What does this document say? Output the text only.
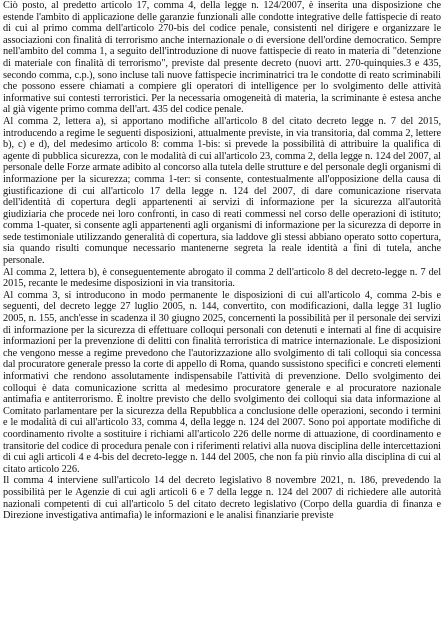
Ciò posto, al predetto articolo 17, comma 4, della legge n. 124/2007, è inserita una disposizione che estende l'ambito di applicazione delle garanzie funzionali alle condotte integrative delle fattispecie di reato di cui al primo comma dell'articolo 270-bis del codice penale, consistenti nel dirigere e organizzare le associazioni con finalità di terrorismo anche internazionale o di eversione dell'ordine democratico. Sempre nell'ambito del comma 1, a seguito dell'introduzione di nuove fattispecie di reato in materia di "detenzione di materiale con finalità di terrorismo", previste dal presente decreto (nuovi artt. 270-quinquies.3 e 435, secondo comma, c.p.), sono incluse tali nuove fattispecie incriminatrici tra le condotte di reato scriminabili che possono essere chiamati a compiere gli operatori di intelligence per lo svolgimento delle attività informative sui contesti terroristici. Per la necessaria omogeneità di materia, la scriminante è estesa anche al già vigente primo comma dell'art. 435 del codice penale.

Al comma 2, lettera a), si apportano modifiche all'articolo 8 del citato decreto legge n. 7 del 2015, introducendo a regime le seguenti disposizioni, attualmente previste, in via transitoria, dal comma 2, lettere b), c) e d), del medesimo articolo 8: comma 1-bis: si prevede la possibilità di attribuire la qualifica di agente di pubblica sicurezza, con le modalità di cui all'articolo 23, comma 2, della legge n. 124 del 2007, al personale delle Forze armate adibito al concorso alla tutela delle strutture e del personale degli organismi di informazione per la sicurezza; comma 1-ter: si consente, contestualmente all'opposizione della causa di giustificazione di cui all'articolo 17 della legge n. 124 del 2007, di dare comunicazione riservata dell'identità di copertura degli appartenenti ai servizi di informazione per la sicurezza all'autorità giudiziaria che procede nei loro confronti, in caso di reati commessi nel corso delle operazioni di istituto; comma 1-quater, si consente agli appartenenti agli organismi di informazione per la sicurezza di deporre in sede testimoniale utilizzando generalità di copertura, sia laddove gli stessi abbiano operato sotto copertura, sia quando risulti comunque necessario mantenerne segreta la reale identità a fini di tutela, anche personale.

Al comma 2, lettera b), è conseguentemente abrogato il comma 2 dell'articolo 8 del decreto-legge n. 7 del 2015, recante le medesime disposizioni in via transitoria.

Al comma 3, si introducono in modo permanente le disposizioni di cui all'articolo 4, comma 2-bis e seguenti, del decreto legge 27 luglio 2005, n. 144, convertito, con modificazioni, dalla legge 31 luglio 2005, n. 155, anch'esse in scadenza il 30 giugno 2025, concernenti la possibilità per il personale dei servizi di informazione per la sicurezza di effettuare colloqui personali con detenuti e internati al fine di acquisire informazioni per la prevenzione di delitti con finalità terroristica di matrice internazionale. Le disposizioni che vengono messe a regime prevedono che l'autorizzazione allo svolgimento di tali colloqui sia concessa dal procuratore generale presso la corte di appello di Roma, quando sussistono specifici e concreti elementi informativi che rendono assolutamente indispensabile l'attività di prevenzione. Dello svolgimento dei colloqui è data comunicazione scritta al medesimo procuratore generale e al procuratore nazionale antimafia e antiterrorismo. È inoltre previsto che dello svolgimento dei colloqui sia data informazione al Comitato parlamentare per la sicurezza della Repubblica a conclusione delle operazioni, secondo i termini e le modalità di cui all'articolo 33, comma 4, della legge n. 124 del 2007. Sono poi apportate modifiche di coordinamento rivolte a sostituire i richiami all'articolo 226 delle norme di attuazione, di coordinamento e transitorie del codice di procedura penale con i riferimenti relativi alla nuova disciplina delle intercettazioni di cui agli articoli 4 e 4-bis del decreto-legge n. 144 del 2005, che non fa più rinvio alla disciplina di cui al citato articolo 226.

Il comma 4 interviene sull'articolo 14 del decreto legislativo 8 novembre 2021, n. 186, prevedendo la possibilità per le Agenzie di cui agli articoli 6 e 7 della legge n. 124 del 2007 di richiedere alle autorità nazionali competenti di cui all'articolo 5 del citato decreto legislativo (Corpo della guardia di finanza e Direzione investigativa antimafia) le informazioni e le analisi finanziarie previste
